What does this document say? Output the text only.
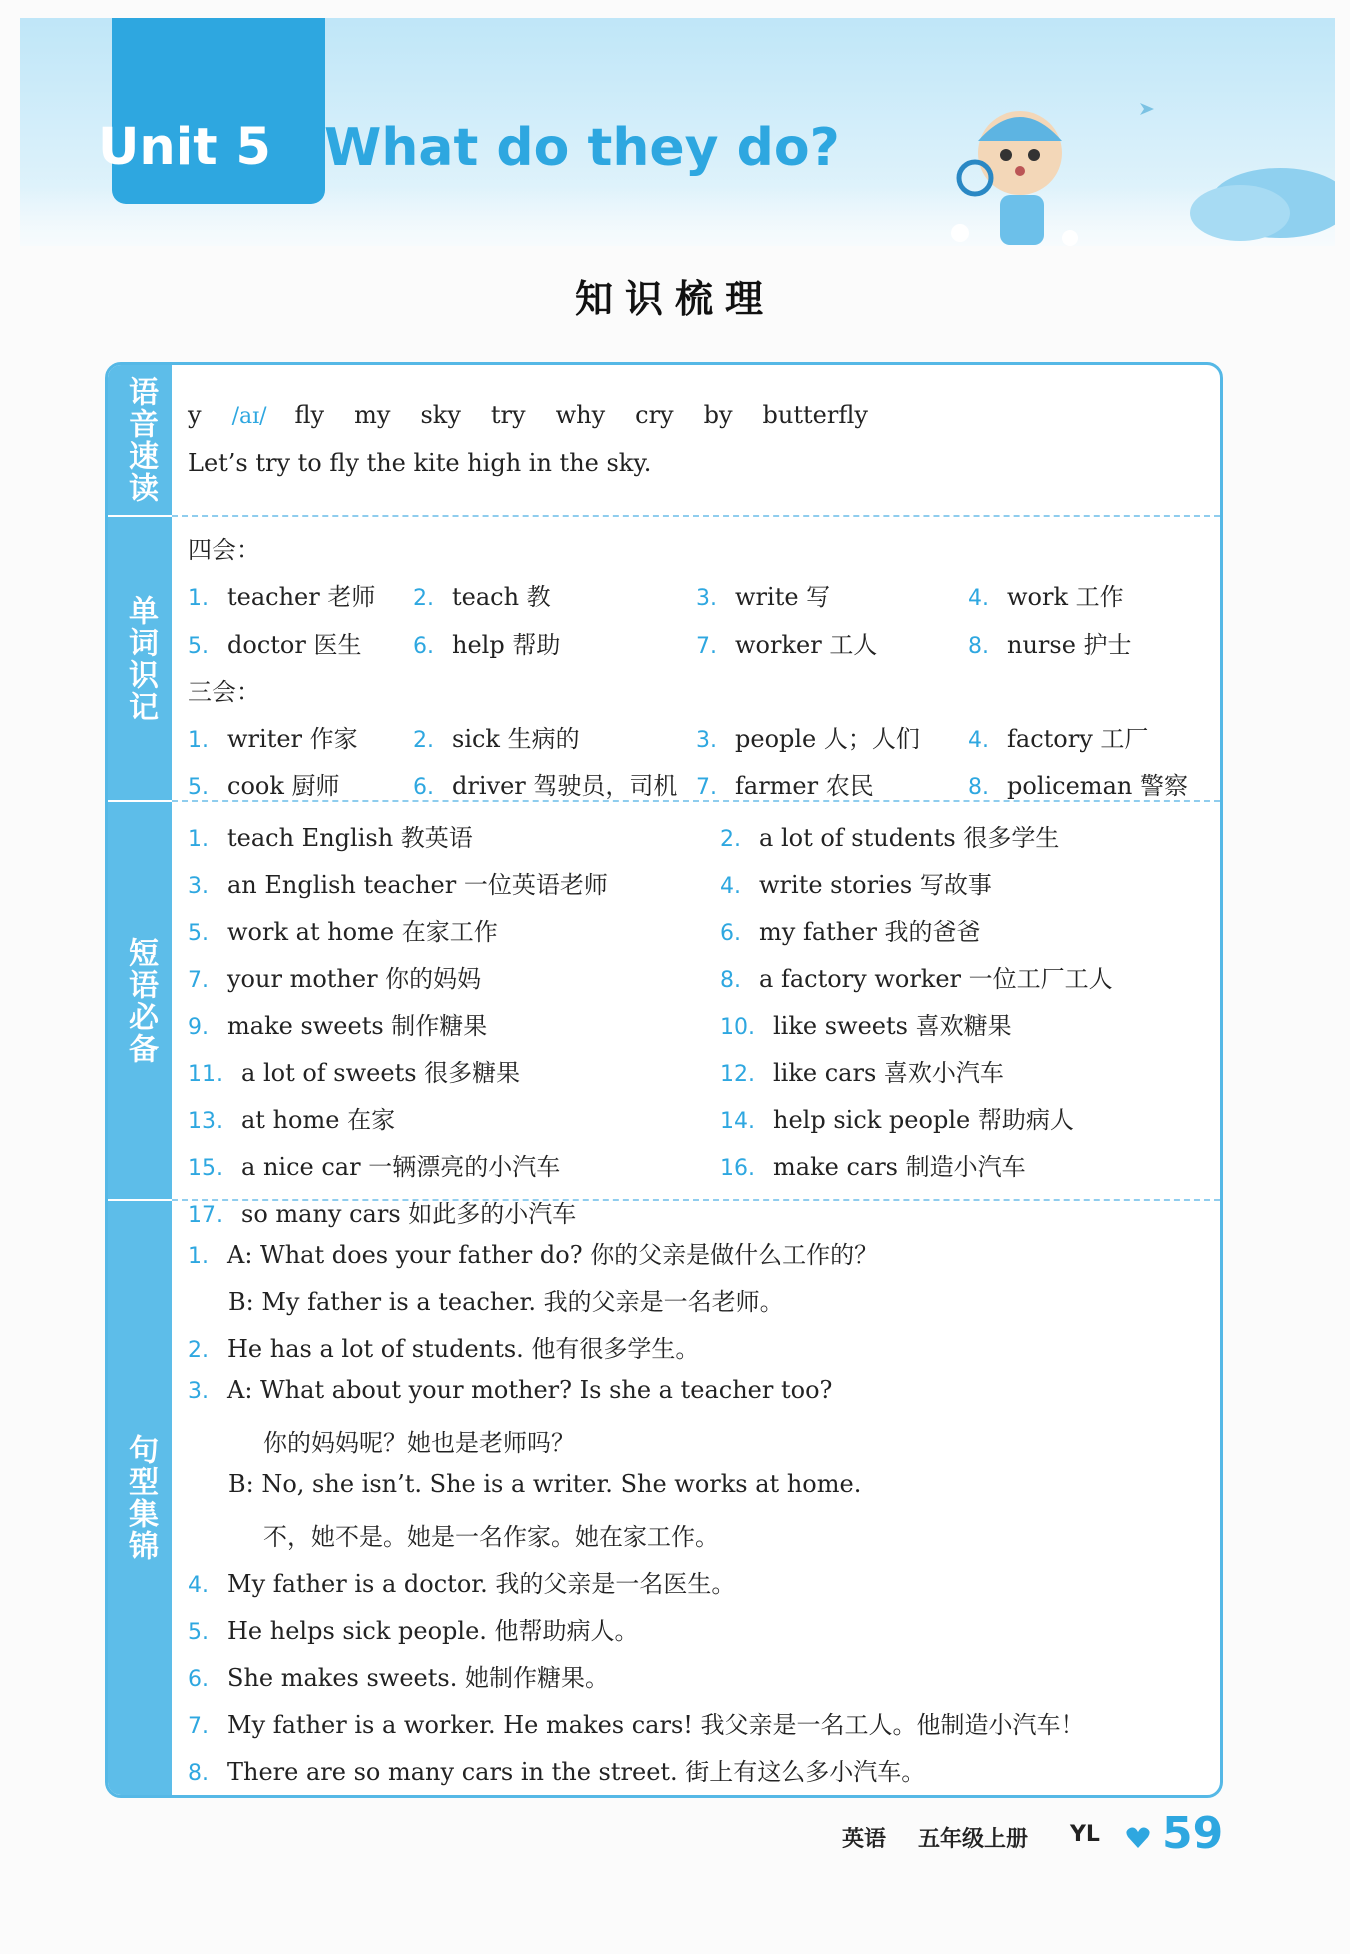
Unit 5 What do they do?
知识梳理
语音速读
单词识记
短语必备
句型集锦
y /aɪ/ fly my sky try why cry by butterfly
Let’s try to fly the kite high in the sky.
四会：
1. teacher 老师 2. teach 教	3. write 写	4. work 工作
5. doctor 医生 6. help 帮助	7. worker 工人	8. nurse 护士
三会：
1. writer 作家	2. sick 生病的	3. people 人；人们 4. factory 工厂
5. cook 厨师	6. driver 驾驶员，司机 7. farmer 农民	8. policeman 警察
1. teach English 教英语	2. a lot of students 很多学生
3. an English teacher 一位英语老师	4. write stories 写故事
5. work at home 在家工作	6. my father 我的爸爸
7. your mother 你的妈妈	8. a factory worker 一位工厂工人
9. make sweets 制作糖果	10. like sweets 喜欢糖果
11. a lot of sweets 很多糖果	12. like cars 喜欢小汽车
13. at home 在家	14. help sick people 帮助病人
15. a nice car 一辆漂亮的小汽车	16. make cars 制造小汽车
17. so many cars 如此多的小汽车
1. A: What does your father do? 你的父亲是做什么工作的？
B: My father is a teacher. 我的父亲是一名老师。
2. He has a lot of students. 他有很多学生。
3. A: What about your mother? Is she a teacher too?
你的妈妈呢？她也是老师吗？
B: No, she isn’t. She is a writer. She works at home.
不，她不是。她是一名作家。她在家工作。
4. My father is a doctor. 我的父亲是一名医生。
5. He helps sick people. 他帮助病人。
6. She makes sweets. 她制作糖果。
7. My father is a worker. He makes cars! 我父亲是一名工人。他制造小汽车！
8. There are so many cars in the street. 街上有这么多小汽车。
英语 五年级上册 YL 59
